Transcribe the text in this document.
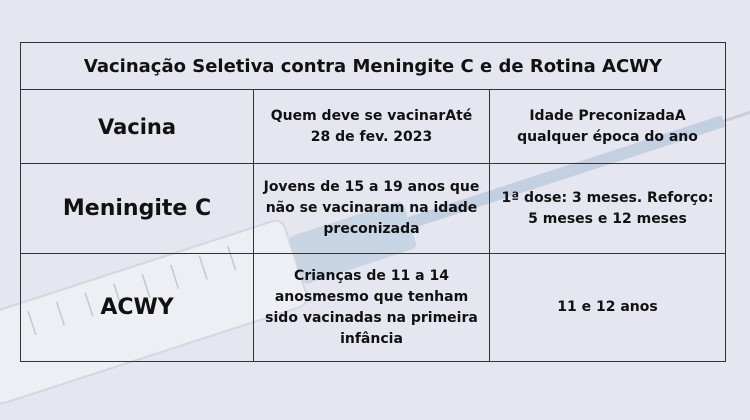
Vacinação Seletiva contra Meningite C e de Rotina ACWY		
Vacina	Quem deve se vacinarAté 28 de fev. 2023	Idade PreconizadaA qualquer época do ano
Meningite C	Jovens de 15 a 19 anos que não se vacinaram na idade preconizada	1ª dose: 3 meses. Reforço: 5 meses e 12 meses
ACWY	Crianças de 11 a 14 anosmesmo que tenham sido vacinadas na primeira infância	11 e 12 anos
